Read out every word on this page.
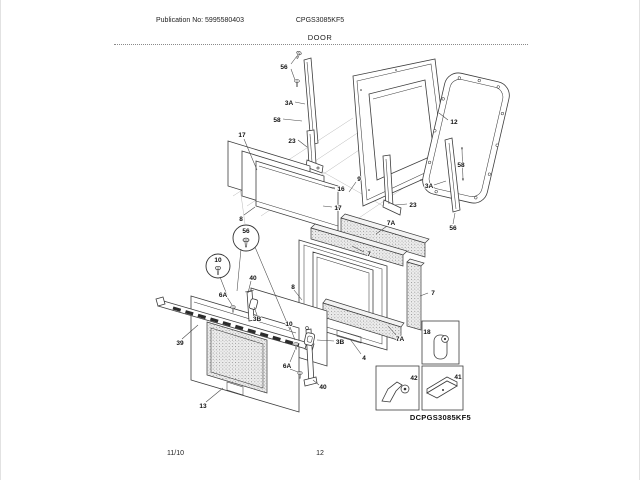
Publication No: 5995580403	CPGS3085KF5
DOOR
56
3A
58
23
17
16
17
8
9
12
58
3A
23
56
7A
7
7
7A
3B
4
56
10
40
6A
8
3B
10
6A
40
39
13
18
42	41
DCPGS3085KF5
11/10	12
